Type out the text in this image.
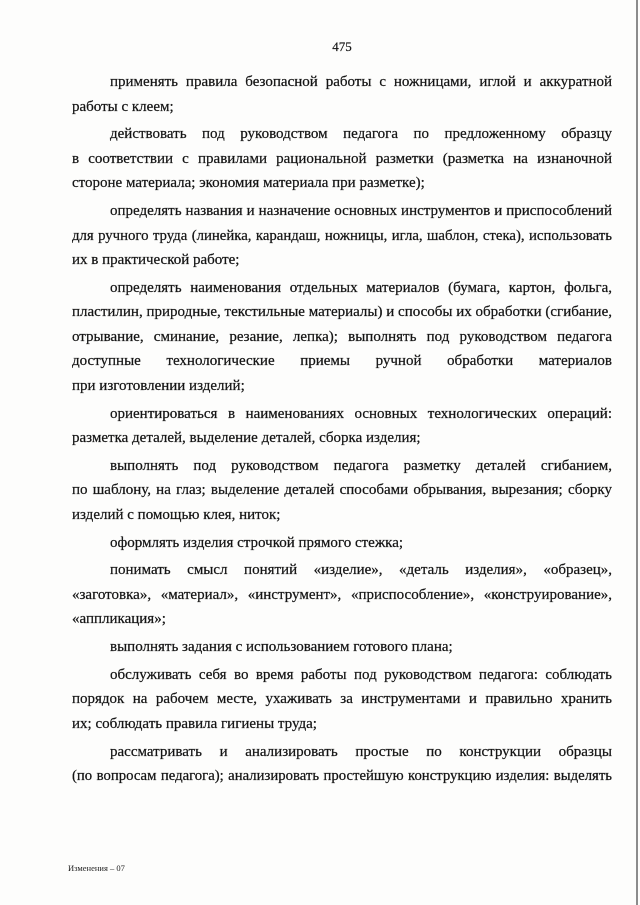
475
применять правила безопасной работы с ножницами, иглой и аккуратной
работы с клеем;
действовать под руководством педагога по предложенному образцу
в соответствии с правилами рациональной разметки (разметка на изнаночной
стороне материала; экономия материала при разметке);
определять названия и назначение основных инструментов и приспособлений
для ручного труда (линейка, карандаш, ножницы, игла, шаблон, стека), использовать
их в практической работе;
определять наименования отдельных материалов (бумага, картон, фольга,
пластилин, природные, текстильные материалы) и способы их обработки (сгибание,
отрывание, сминание, резание, лепка); выполнять под руководством педагога
доступные технологические приемы ручной обработки материалов
при изготовлении изделий;
ориентироваться в наименованиях основных технологических операций:
разметка деталей, выделение деталей, сборка изделия;
выполнять под руководством педагога разметку деталей сгибанием,
по шаблону, на глаз; выделение деталей способами обрывания, вырезания; сборку
изделий с помощью клея, ниток;
оформлять изделия строчкой прямого стежка;
понимать смысл понятий «изделие», «деталь изделия», «образец»,
«заготовка», «материал», «инструмент», «приспособление», «конструирование»,
«аппликация»;
выполнять задания с использованием готового плана;
обслуживать себя во время работы под руководством педагога: соблюдать
порядок на рабочем месте, ухаживать за инструментами и правильно хранить
их; соблюдать правила гигиены труда;
рассматривать и анализировать простые по конструкции образцы
(по вопросам педагога); анализировать простейшую конструкцию изделия: выделять
Изменения – 07
